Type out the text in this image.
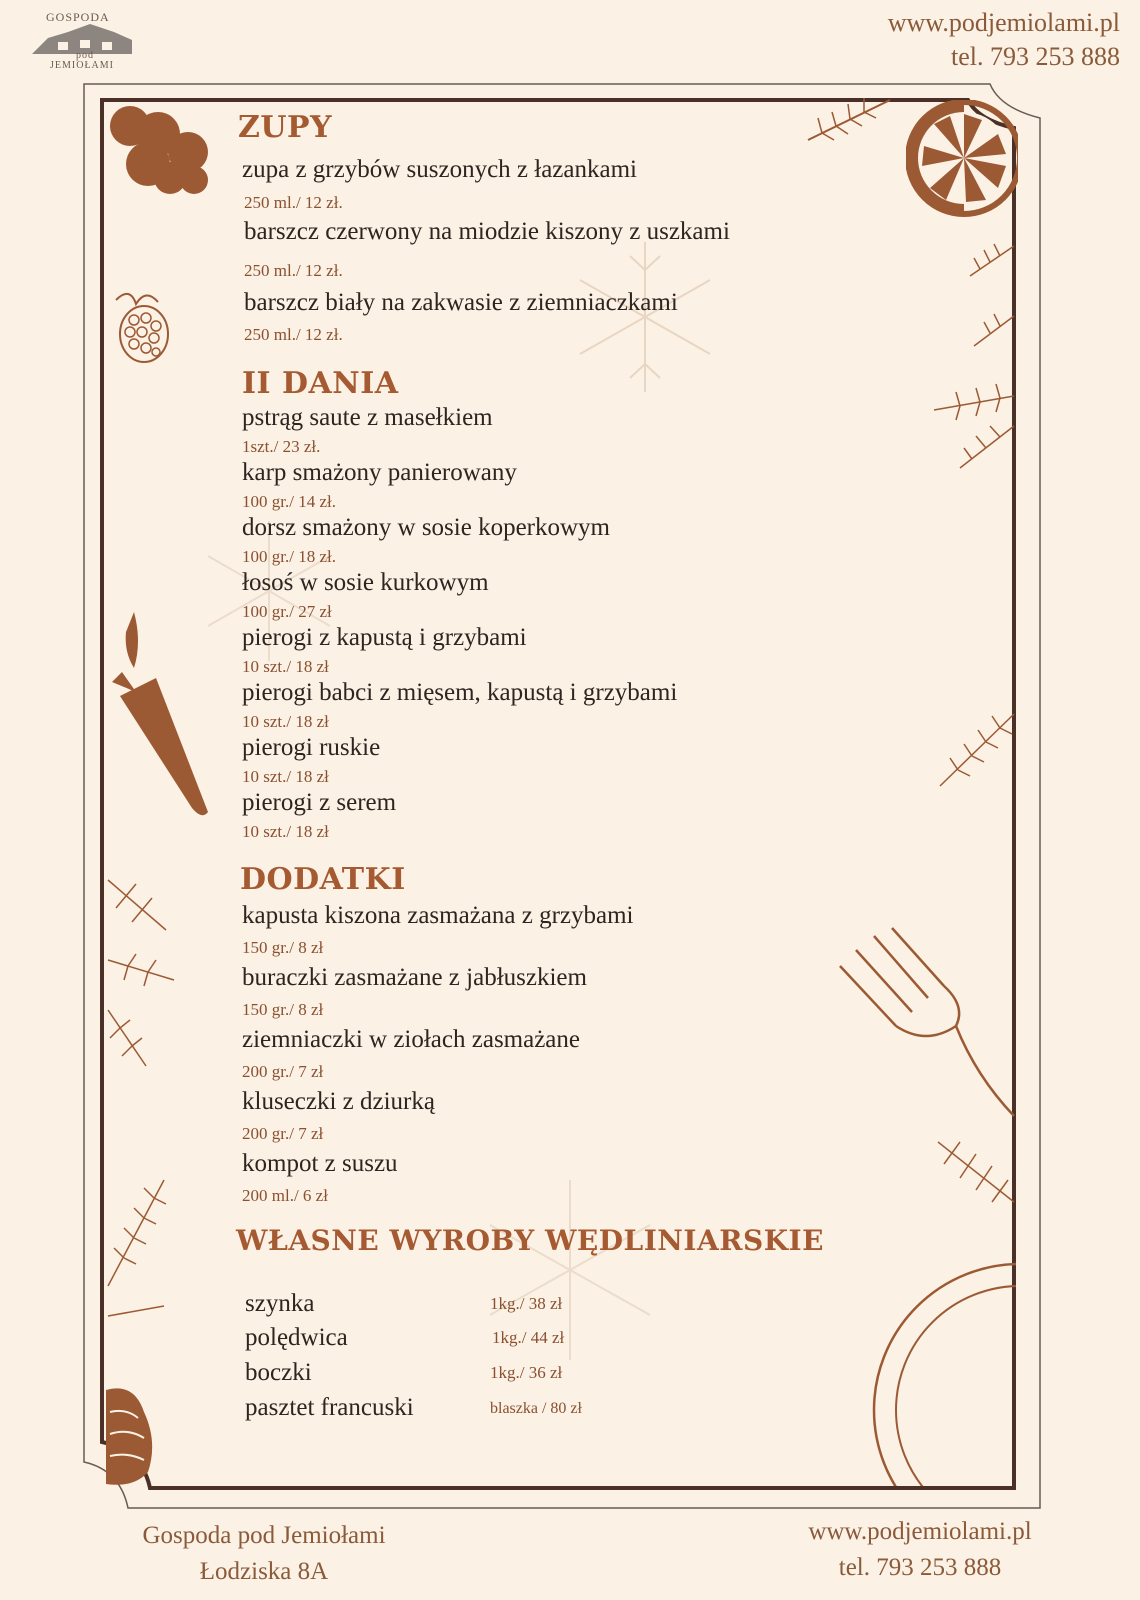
GOSPODA
pod
JEMIOŁAMI
www.podjemiolami.pl
tel. 793 253 888
ZUPY
zupa z grzybów suszonych z łazankami
250 ml./ 12 zł.
barszcz czerwony na miodzie kiszony z uszkami
250 ml./ 12 zł.
barszcz biały na zakwasie z ziemniaczkami
250 ml./ 12 zł.
II DANIA
pstrąg saute z masełkiem
1szt./ 23 zł.
karp smażony panierowany
100 gr./ 14 zł.
dorsz smażony w sosie koperkowym
100 gr./ 18 zł.
łosoś w sosie kurkowym
100 gr./ 27 zł
pierogi z kapustą i grzybami
10 szt./ 18 zł
pierogi babci z mięsem, kapustą i grzybami
10 szt./ 18 zł
pierogi ruskie
10 szt./ 18 zł
pierogi z serem
10 szt./ 18 zł
DODATKI
kapusta kiszona zasmażana z grzybami
150 gr./ 8 zł
buraczki zasmażane z jabłuszkiem
150 gr./ 8 zł
ziemniaczki w ziołach zasmażane
200 gr./ 7 zł
kluseczki z dziurką
200 gr./ 7 zł
kompot z suszu
200 ml./ 6 zł
WŁASNE WYROBY WĘDLINIARSKIE
szynka	1kg./ 38 zł
polędwica	1kg./ 44 zł
boczki	1kg./ 36 zł
pasztet francuski	blaszka / 80 zł
Gospoda pod Jemiołami
Łodziska 8A
www.podjemiolami.pl
tel. 793 253 888
